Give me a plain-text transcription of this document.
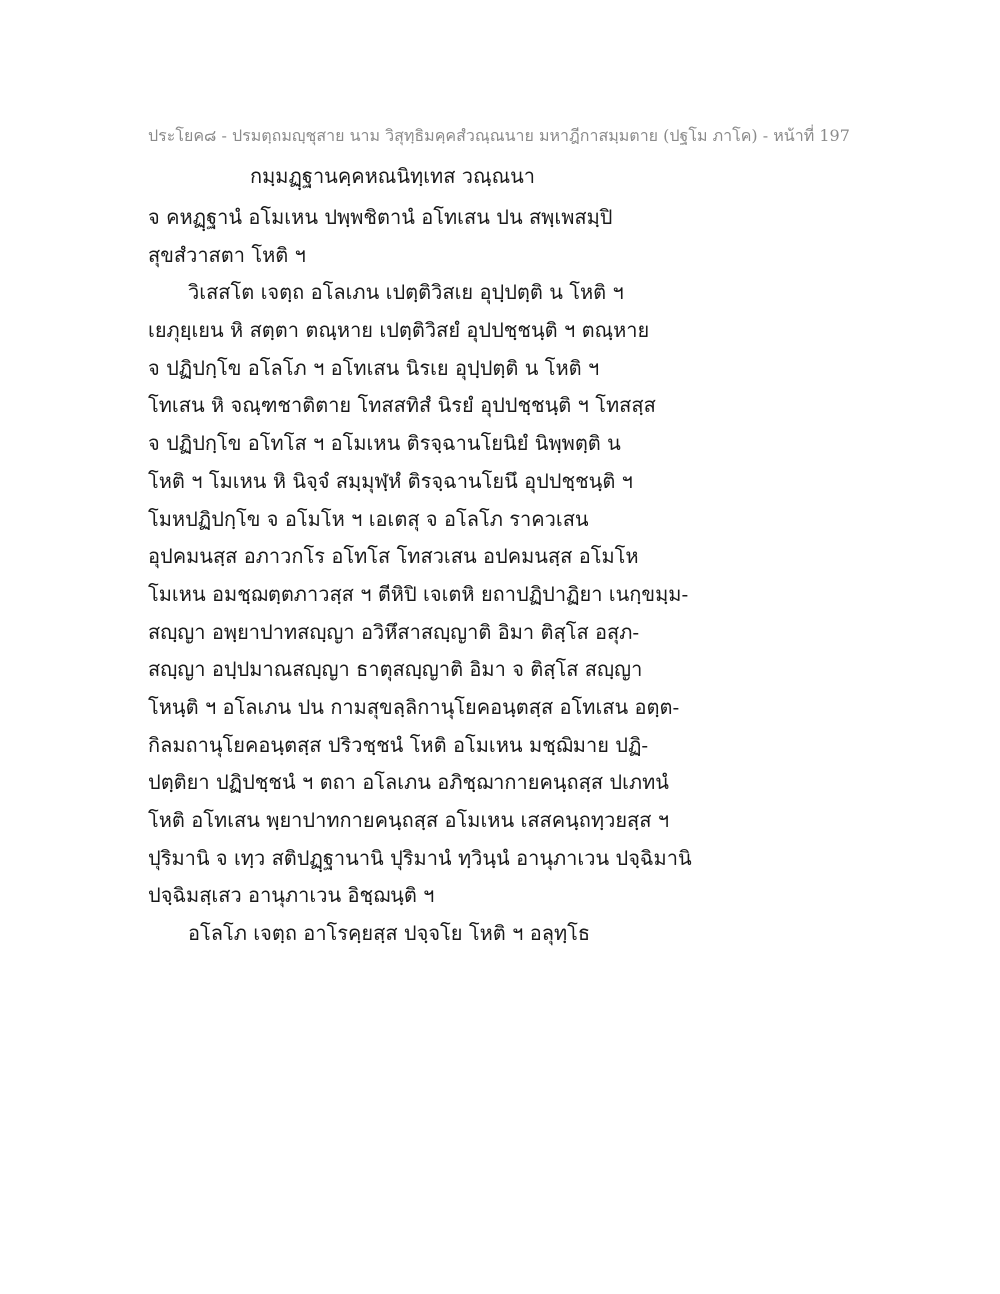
ประโยค๘ - ปรมตฺถมญฺชุสาย นาม วิสุทฺธิมคฺคสํวณฺณนาย มหาฎีกาสมฺมตาย (ปฐโม ภาโค) - หน้าที่ 197
กมฺมฏฺฐานคฺคหณนิทฺเทส วณฺณนา
จ คหฏฺฐานํ อโมเหน ปพฺพชิตานํ อโทเสน ปน สพฺเพสมฺปิ
สุขสํวาสตา โหติ ฯ
วิเสสโต เจตฺถ อโลเภน เปตฺติวิสเย อุปฺปตฺติ น โหติ ฯ
เยภุยฺเยน หิ สตฺตา ตณฺหาย เปตฺติวิสยํ อุปปชฺชนฺติ ฯ ตณฺหาย
จ ปฏิปกฺโข อโลโภ ฯ อโทเสน นิรเย อุปฺปตฺติ น โหติ ฯ
โทเสน หิ จณฺฑชาติตาย โทสสทิสํ นิรยํ อุปปชฺชนฺติ ฯ โทสสฺส
จ ปฏิปกฺโข อโทโส ฯ อโมเหน ติรจฺฉานโยนิยํ นิพฺพตฺติ น
โหติ ฯ โมเหน หิ นิจฺจํ สมฺมุฬฺหํ ติรจฺฉานโยนึ อุปปชฺชนฺติ ฯ
โมหปฏิปกฺโข จ อโมโห ฯ เอเตสุ จ อโลโภ ราควเสน
อุปคมนสฺส อภาวกโร อโทโส โทสวเสน อปคมนสฺส อโมโห
โมเหน อมชฺฌตฺตภาวสฺส ฯ ตีหิปิ เจเตหิ ยถาปฏิปาฏิยา เนกฺขมฺม-
สญฺญา อพฺยาปาทสญฺญา อวิหึสาสญฺญาติ อิมา ติสฺโส อสุภ-
สญฺญา อปฺปมาณสญฺญา ธาตุสญฺญาติ อิมา จ ติสฺโส สญฺญา
โหนฺติ ฯ อโลเภน ปน กามสุขลฺลิกานุโยคอนฺตสฺส อโทเสน อตฺต-
กิลมถานุโยคอนฺตสฺส ปริวชฺชนํ โหติ อโมเหน มชฺฌิมาย ปฏิ-
ปตฺติยา ปฏิปชฺชนํ ฯ ตถา อโลเภน อภิชฺฌากายคนฺถสฺส ปเภทนํ
โหติ อโทเสน พฺยาปาทกายคนฺถสฺส อโมเหน เสสคนฺถทฺวยสฺส ฯ
ปุริมานิ จ เทฺว สติปฏฺฐานานิ ปุริมานํ ทฺวินฺนํ อานุภาเวน ปจฺฉิมานิ
ปจฺฉิมสฺเสว อานุภาเวน อิชฺฌนฺติ ฯ
อโลโภ เจตฺถ อาโรคฺยสฺส ปจฺจโย โหติ ฯ อลุทฺโธ
